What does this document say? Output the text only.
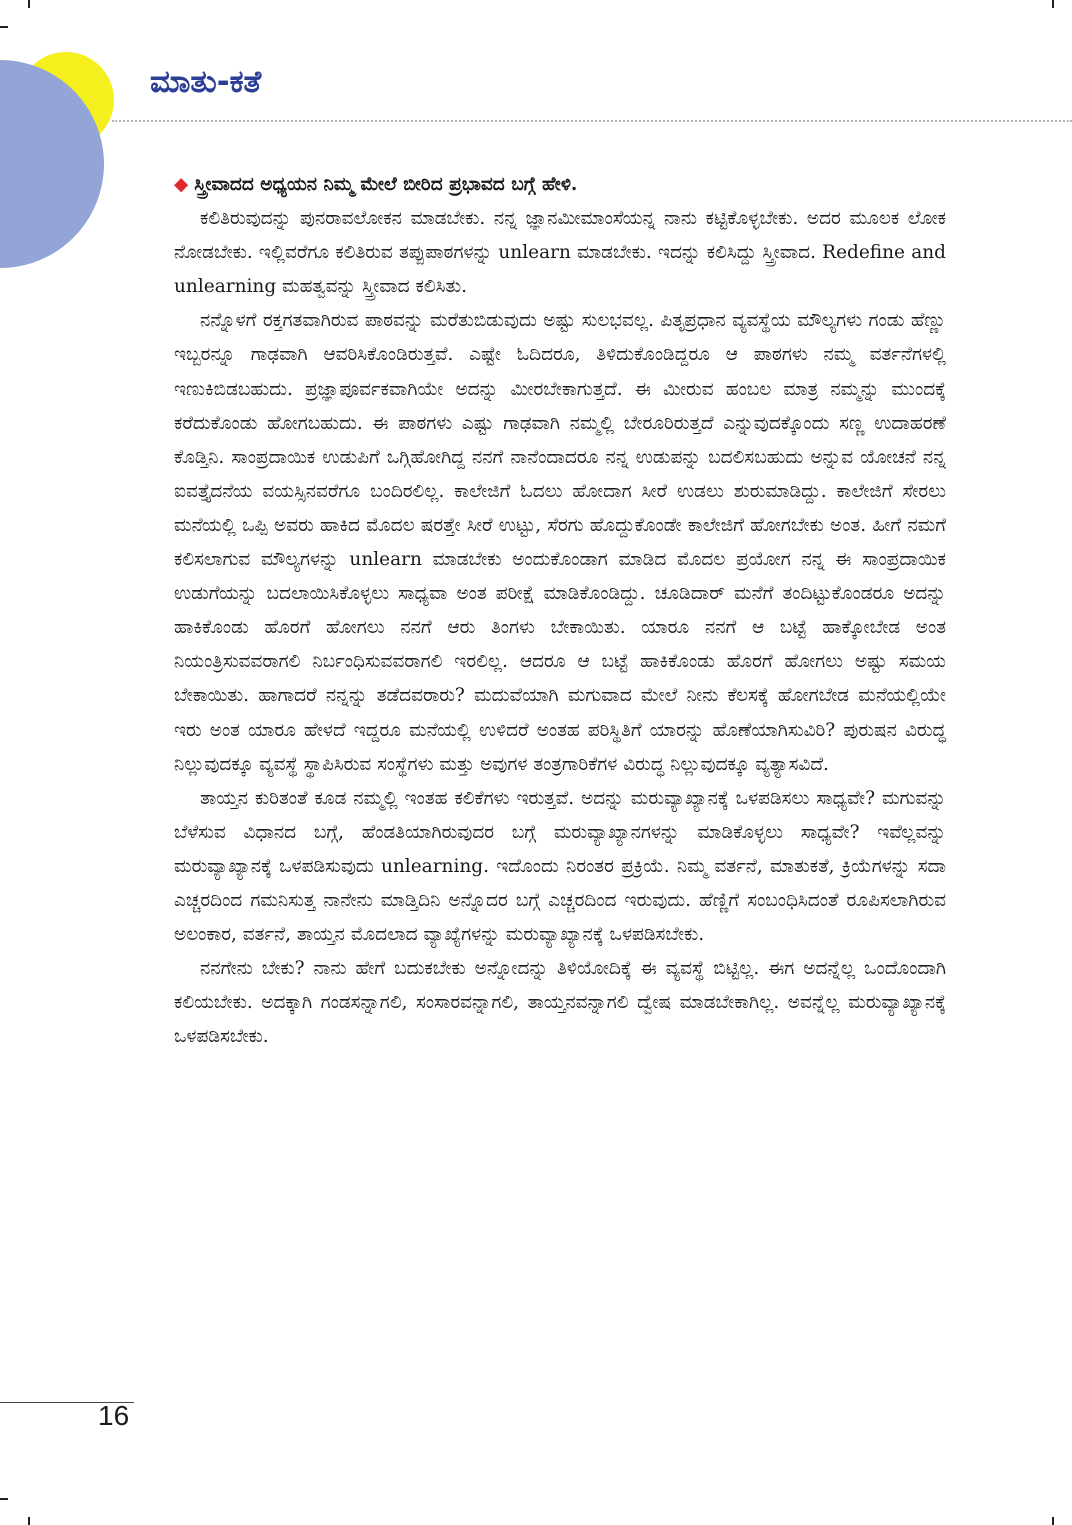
ಮಾತು-ಕತೆ

◆ ಸ್ತ್ರೀವಾದದ ಅಧ್ಯಯನ ನಿಮ್ಮ ಮೇಲೆ ಬೀರಿದ ಪ್ರಭಾವದ ಬಗ್ಗೆ ಹೇಳಿ.

ಕಲಿತಿರುವುದನ್ನು ಪುನರಾವಲೋಕನ ಮಾಡಬೇಕು. ನನ್ನ ಜ್ಞಾನಮೀಮಾಂಸೆಯನ್ನ ನಾನು ಕಟ್ಟಿಕೊಳ್ಳಬೇಕು. ಅದರ ಮೂಲಕ ಲೋಕ ನೋಡಬೇಕು. ಇಲ್ಲಿವರೆಗೂ ಕಲಿತಿರುವ ತಪ್ಪುಪಾಠಗಳನ್ನು unlearn ಮಾಡಬೇಕು. ಇದನ್ನು ಕಲಿಸಿದ್ದು ಸ್ತ್ರೀವಾದ. Redefine and unlearning ಮಹತ್ವವನ್ನು ಸ್ತ್ರೀವಾದ ಕಲಿಸಿತು.

ನನ್ನೊಳಗೆ ರಕ್ತಗತವಾಗಿರುವ ಪಾಠವನ್ನು ಮರೆತುಬಿಡುವುದು ಅಷ್ಟು ಸುಲಭವಲ್ಲ. ಪಿತೃಪ್ರಧಾನ ವ್ಯವಸ್ಥೆಯ ಮೌಲ್ಯಗಳು ಗಂಡು ಹೆಣ್ಣು ಇಬ್ಬರನ್ನೂ ಗಾಢವಾಗಿ ಆವರಿಸಿಕೊಂಡಿರುತ್ತವೆ. ಎಷ್ಟೇ ಓದಿದರೂ, ತಿಳಿದುಕೊಂಡಿದ್ದರೂ ಆ ಪಾಠಗಳು ನಮ್ಮ ವರ್ತನೆಗಳಲ್ಲಿ ಇಣುಕಿಬಿಡಬಹುದು. ಪ್ರಜ್ಞಾಪೂರ್ವಕವಾಗಿಯೇ ಅದನ್ನು ಮೀರಬೇಕಾಗುತ್ತದೆ. ಈ ಮೀರುವ ಹಂಬಲ ಮಾತ್ರ ನಮ್ಮನ್ನು ಮುಂದಕ್ಕೆ ಕರೆದುಕೊಂಡು ಹೋಗಬಹುದು. ಈ ಪಾಠಗಳು ಎಷ್ಟು ಗಾಢವಾಗಿ ನಮ್ಮಲ್ಲಿ ಬೇರೂರಿರುತ್ತದೆ ಎನ್ನುವುದಕ್ಕೊಂದು ಸಣ್ಣ ಉದಾಹರಣೆ ಕೊಡ್ತಿನಿ. ಸಾಂಪ್ರದಾಯಿಕ ಉಡುಪಿಗೆ ಒಗ್ಗಿಹೋಗಿದ್ದ ನನಗೆ ನಾನೆಂದಾದರೂ ನನ್ನ ಉಡುಪನ್ನು ಬದಲಿಸಬಹುದು ಅನ್ನುವ ಯೋಚನೆ ನನ್ನ ಐವತ್ತೈದನೆಯ ವಯಸ್ಸಿನವರೆಗೂ ಬಂದಿರಲಿಲ್ಲ. ಕಾಲೇಜಿಗೆ ಓದಲು ಹೋದಾಗ ಸೀರೆ ಉಡಲು ಶುರುಮಾಡಿದ್ದು. ಕಾಲೇಜಿಗೆ ಸೇರಲು ಮನೆಯಲ್ಲಿ ಒಪ್ಪಿ ಅವರು ಹಾಕಿದ ಮೊದಲ ಷರತ್ತೇ ಸೀರೆ ಉಟ್ಟು, ಸೆರಗು ಹೊದ್ದುಕೊಂಡೇ ಕಾಲೇಜಿಗೆ ಹೋಗಬೇಕು ಅಂತ. ಹೀಗೆ ನಮಗೆ ಕಲಿಸಲಾಗುವ ಮೌಲ್ಯಗಳನ್ನು unlearn ಮಾಡಬೇಕು ಅಂದುಕೊಂಡಾಗ ಮಾಡಿದ ಮೊದಲ ಪ್ರಯೋಗ ನನ್ನ ಈ ಸಾಂಪ್ರದಾಯಿಕ ಉಡುಗೆಯನ್ನು ಬದಲಾಯಿಸಿಕೊಳ್ಳಲು ಸಾಧ್ಯವಾ ಅಂತ ಪರೀಕ್ಷೆ ಮಾಡಿಕೊಂಡಿದ್ದು. ಚೂಡಿದಾರ್ ಮನೆಗೆ ತಂದಿಟ್ಟುಕೊಂಡರೂ ಅದನ್ನು ಹಾಕಿಕೊಂಡು ಹೊರಗೆ ಹೋಗಲು ನನಗೆ ಆರು ತಿಂಗಳು ಬೇಕಾಯಿತು. ಯಾರೂ ನನಗೆ ಆ ಬಟ್ಟೆ ಹಾಕ್ಕೋಬೇಡ ಅಂತ ನಿಯಂತ್ರಿಸುವವರಾಗಲಿ ನಿರ್ಬಂಧಿಸುವವರಾಗಲಿ ಇರಲಿಲ್ಲ. ಆದರೂ ಆ ಬಟ್ಟೆ ಹಾಕಿಕೊಂಡು ಹೊರಗೆ ಹೋಗಲು ಅಷ್ಟು ಸಮಯ ಬೇಕಾಯಿತು. ಹಾಗಾದರೆ ನನ್ನನ್ನು ತಡೆದವರಾರು? ಮದುವೆಯಾಗಿ ಮಗುವಾದ ಮೇಲೆ ನೀನು ಕೆಲಸಕ್ಕೆ ಹೋಗಬೇಡ ಮನೆಯಲ್ಲಿಯೇ ಇರು ಅಂತ ಯಾರೂ ಹೇಳದೆ ಇದ್ದರೂ ಮನೆಯಲ್ಲಿ ಉಳಿದರೆ ಅಂತಹ ಪರಿಸ್ಥಿತಿಗೆ ಯಾರನ್ನು ಹೊಣೆಯಾಗಿಸುವಿರಿ? ಪುರುಷನ ವಿರುದ್ಧ ನಿಲ್ಲುವುದಕ್ಕೂ ವ್ಯವಸ್ಥೆ ಸ್ಥಾಪಿಸಿರುವ ಸಂಸ್ಥೆಗಳು ಮತ್ತು ಅವುಗಳ ತಂತ್ರಗಾರಿಕೆಗಳ ವಿರುದ್ಧ ನಿಲ್ಲುವುದಕ್ಕೂ ವ್ಯತ್ಯಾಸವಿದೆ.

ತಾಯ್ತನ ಕುರಿತಂತೆ ಕೂಡ ನಮ್ಮಲ್ಲಿ ಇಂತಹ ಕಲಿಕೆಗಳು ಇರುತ್ತವೆ. ಅದನ್ನು ಮರುವ್ಯಾಖ್ಯಾನಕ್ಕೆ ಒಳಪಡಿಸಲು ಸಾಧ್ಯವೇ? ಮಗುವನ್ನು ಬೆಳೆಸುವ ವಿಧಾನದ ಬಗ್ಗೆ, ಹೆಂಡತಿಯಾಗಿರುವುದರ ಬಗ್ಗೆ ಮರುವ್ಯಾಖ್ಯಾನಗಳನ್ನು ಮಾಡಿಕೊಳ್ಳಲು ಸಾಧ್ಯವೇ? ಇವೆಲ್ಲವನ್ನು ಮರುವ್ಯಾಖ್ಯಾನಕ್ಕೆ ಒಳಪಡಿಸುವುದು unlearning. ಇದೊಂದು ನಿರಂತರ ಪ್ರಕ್ರಿಯೆ. ನಿಮ್ಮ ವರ್ತನೆ, ಮಾತುಕತೆ, ಕ್ರಿಯೆಗಳನ್ನು ಸದಾ ಎಚ್ಚರದಿಂದ ಗಮನಿಸುತ್ತ ನಾನೇನು ಮಾಡ್ತಿದಿನಿ ಅನ್ನೊದರ ಬಗ್ಗೆ ಎಚ್ಚರದಿಂದ ಇರುವುದು. ಹೆಣ್ಣಿಗೆ ಸಂಬಂಧಿಸಿದಂತೆ ರೂಪಿಸಲಾಗಿರುವ ಅಲಂಕಾರ, ವರ್ತನೆ, ತಾಯ್ತನ ಮೊದಲಾದ ವ್ಯಾಖ್ಯೆಗಳನ್ನು ಮರುವ್ಯಾಖ್ಯಾನಕ್ಕೆ ಒಳಪಡಿಸಬೇಕು.

ನನಗೇನು ಬೇಕು? ನಾನು ಹೇಗೆ ಬದುಕಬೇಕು ಅನ್ನೋದನ್ನು ತಿಳಿಯೋದಿಕ್ಕೆ ಈ ವ್ಯವಸ್ಥೆ ಬಿಟ್ಟಿಲ್ಲ. ಈಗ ಅದನ್ನೆಲ್ಲ ಒಂದೊಂದಾಗಿ ಕಲಿಯಬೇಕು. ಅದಕ್ಕಾಗಿ ಗಂಡಸನ್ನಾಗಲಿ, ಸಂಸಾರವನ್ನಾಗಲಿ, ತಾಯ್ತನವನ್ನಾಗಲಿ ದ್ವೇಷ ಮಾಡಬೇಕಾಗಿಲ್ಲ. ಅವನ್ನೆಲ್ಲ ಮರುವ್ಯಾಖ್ಯಾನಕ್ಕೆ ಒಳಪಡಿಸಬೇಕು.

16
